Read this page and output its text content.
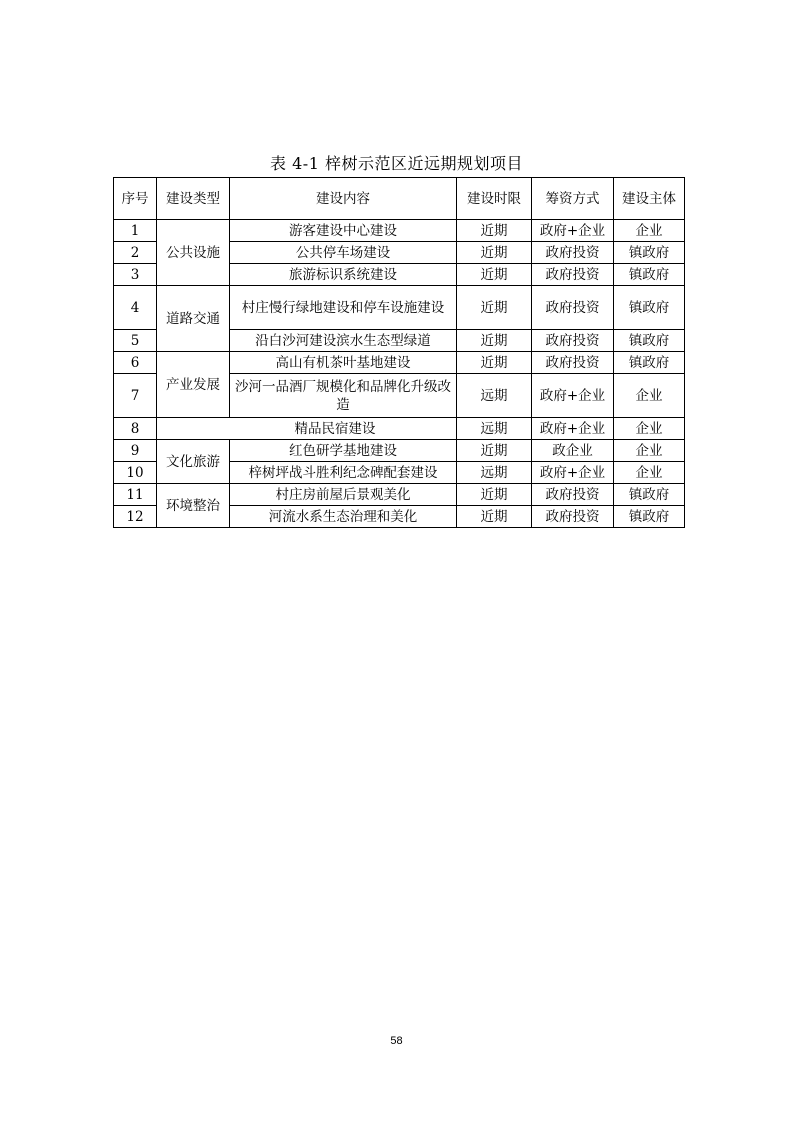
表 4-1 梓树示范区近远期规划项目
序号	建设类型	建设内容	建设时限	筹资方式	建设主体
1	公共设施	游客建设中心建设	近期	政府+企业	企业
2		公共停车场建设	近期	政府投资	镇政府
3		旅游标识系统建设	近期	政府投资	镇政府
4	道路交通	村庄慢行绿地建设和停车设施建设	近期	政府投资	镇政府
5		沿白沙河建设滨水生态型绿道	近期	政府投资	镇政府
6	产业发展	高山有机茶叶基地建设	近期	政府投资	镇政府
7		沙河一品酒厂规模化和品牌化升级改造	远期	政府+企业	企业
8	精品民宿建设		远期	政府+企业	企业
9	文化旅游	红色研学基地建设	近期	政企业	企业
10		梓树坪战斗胜利纪念碑配套建设	远期	政府+企业	企业
11	环境整治	村庄房前屋后景观美化	近期	政府投资	镇政府
12		河流水系生态治理和美化	近期	政府投资	镇政府
58
